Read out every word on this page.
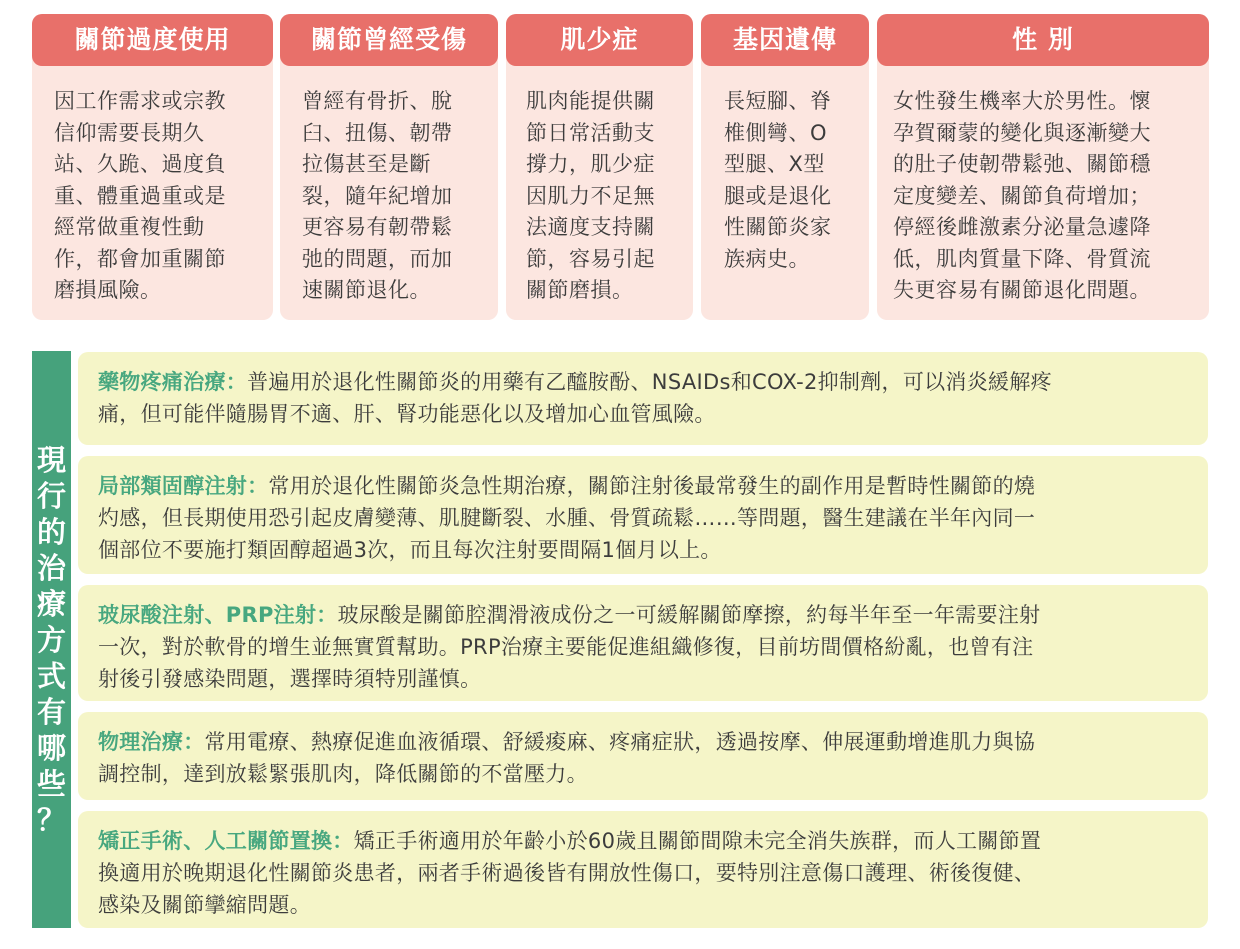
關節過度使用
因工作需求或宗教
信仰需要長期久
站、久跪、過度負
重、體重過重或是
經常做重複性動
作，都會加重關節
磨損風險。
關節曾經受傷
曾經有骨折、脫
臼、扭傷、韌帶
拉傷甚至是斷
裂，隨年紀增加
更容易有韌帶鬆
弛的問題，而加
速關節退化。
肌少症
肌肉能提供關
節日常活動支
撐力，肌少症
因肌力不足無
法適度支持關
節，容易引起
關節磨損。
基因遺傳
長短腳、脊
椎側彎、O
型腿、X型
腿或是退化
性關節炎家
族病史。
性 別
女性發生機率大於男性。懷
孕賀爾蒙的變化與逐漸變大
的肚子使韌帶鬆弛、關節穩
定度變差、關節負荷增加；
停經後雌激素分泌量急遽降
低，肌肉質量下降、骨質流
失更容易有關節退化問題。
現
行
的
治
療
方
式
有
哪
些
？
藥物疼痛治療：普遍用於退化性關節炎的用藥有乙醯胺酚、NSAIDs和COX-2抑制劑，可以消炎緩解疼
痛，但可能伴隨腸胃不適、肝、腎功能惡化以及增加心血管風險。
局部類固醇注射：常用於退化性關節炎急性期治療，關節注射後最常發生的副作用是暫時性關節的燒
灼感，但長期使用恐引起皮膚變薄、肌腱斷裂、水腫、骨質疏鬆……等問題，醫生建議在半年內同一
個部位不要施打類固醇超過3次，而且每次注射要間隔1個月以上。
玻尿酸注射、PRP注射：玻尿酸是關節腔潤滑液成份之一可緩解關節摩擦，約每半年至一年需要注射
一次，對於軟骨的增生並無實質幫助。PRP治療主要能促進組織修復，目前坊間價格紛亂，也曾有注
射後引發感染問題，選擇時須特別謹慎。
物理治療：常用電療、熱療促進血液循環、舒緩痠麻、疼痛症狀，透過按摩、伸展運動增進肌力與協
調控制，達到放鬆緊張肌肉，降低關節的不當壓力。
矯正手術、人工關節置換：矯正手術適用於年齡小於60歲且關節間隙未完全消失族群，而人工關節置
換適用於晚期退化性關節炎患者，兩者手術過後皆有開放性傷口，要特別注意傷口護理、術後復健、
感染及關節攣縮問題。
